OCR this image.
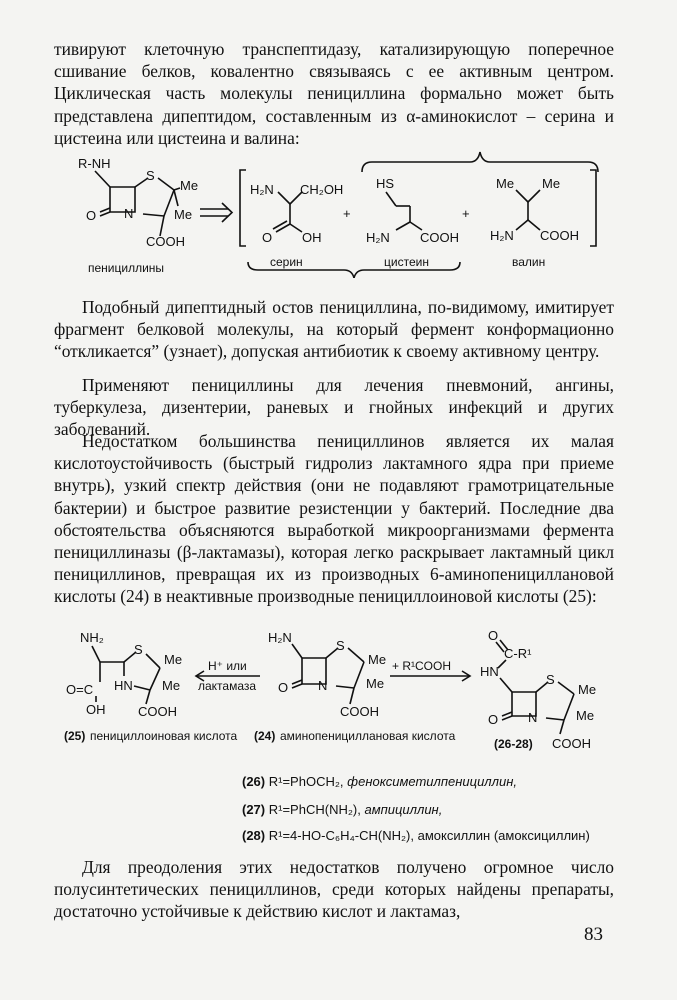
тивируют клеточную транспептидазу, катализирующую поперечное сшивание белков, ковалентно связываясь с ее активным центром. Циклическая часть молекулы пенициллина формально может быть представлена дипептидом, составленным из α-аминокислот – серина и цистеина или цистеина и валина:

R-NH
S
N
O
Me
Me
COOH
пенициллины
H₂N CH₂OH
O OH
серин
+
HS
H₂N COOH
цистеин
+
Me Me
H₂N COOH
валин

Подобный дипептидный остов пенициллина, по-видимому, имитирует фрагмент белковой молекулы, на который фермент конформационно “откликается” (узнает), допуская антибиотик к своему активному центру.

Применяют пенициллины для лечения пневмоний, ангины, туберкулеза, дизентерии, раневых и гнойных инфекций и других заболеваний.

Недостатком большинства пенициллинов является их малая кислотоустойчивость (быстрый гидролиз лактамного ядра при приеме внутрь), узкий спектр действия (они не подавляют грамотрицательные бактерии) и быстрое развитие резистенции у бактерий. Последние два обстоятельства объясняются выработкой микроорганизмами фермента пенициллиназы (β-лактамазы), которая легко раскрывает лактамный цикл пенициллинов, превращая их из производных 6-аминопенициллановой кислоты (24) в неактивные производные пенициллоиновой кислоты (25):

NH₂
S
Me
Me
HN
O=C
OH	COOH
(25) пенициллоиновая кислота
H⁺ или
лактамаза
H₂N
S
Me
Me
N
O
COOH
(24) аминопенициллановая кислота
+ R¹COOH
O
C-R¹
HN
S
Me
Me
N
O
COOH
(26-28)
(26) R¹=PhOCH₂, феноксиметилпенициллин,
(27) R¹=PhCH(NH₂), ампициллин,
(28) R¹=4-HO-C₆H₄-CH(NH₂), амоксиллин (амоксициллин)

Для преодоления этих недостатков получено огромное число полусинтетических пенициллинов, среди которых найдены препараты, достаточно устойчивые к действию кислот и лактамаз,

83
